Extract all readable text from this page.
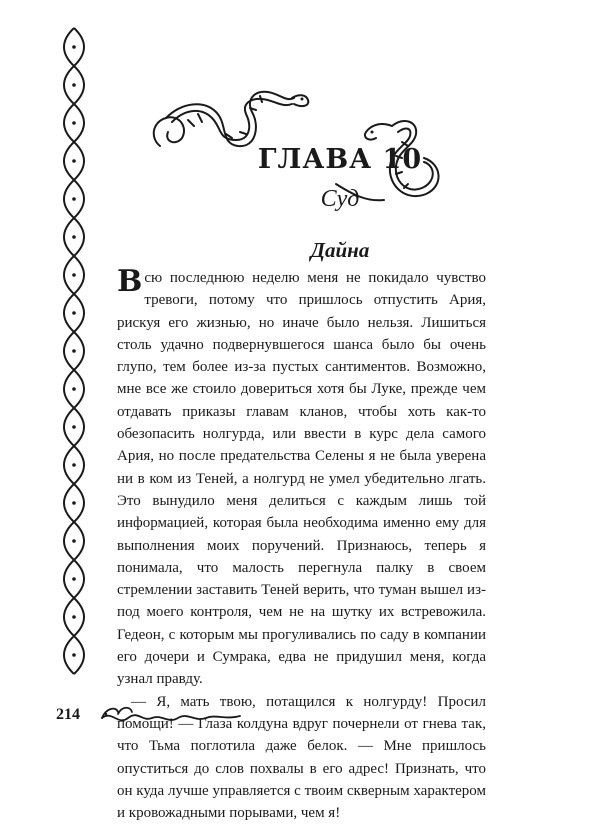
ГЛАВА 10
Суд
Дайна

Всю последнюю неделю меня не покидало чувство тревоги, потому что пришлось отпустить Ария, рискуя его жизнью, но иначе было нельзя. Лишиться столь удачно подвернувшегося шанса было бы очень глупо, тем более из-за пустых сантиментов. Возможно, мне все же стоило довериться хотя бы Луке, прежде чем отдавать приказы главам кланов, чтобы хоть как-то обезопасить нолгурда, или ввести в курс дела самого Ария, но после предательства Селены я не была уверена ни в ком из Теней, а нолгурд не умел убедительно лгать. Это вынудило меня делиться с каждым лишь той информацией, которая была необходима именно ему для выполнения моих поручений. Признаюсь, теперь я понимала, что малость перегнула палку в своем стремлении заставить Теней верить, что туман вышел из-под моего контроля, чем не на шутку их встревожила. Гедеон, с которым мы прогуливались по саду в компании его дочери и Сумрака, едва не придушил меня, когда узнал правду.

— Я, мать твою, потащился к нолгурду! Просил помощи! — Глаза колдуна вдруг почернели от гнева так, что Тьма поглотила даже белок. — Мне пришлось опуститься до слов похвалы в его адрес! Признать, что он куда лучше управляется с твоим скверным характером и кровожадными порывами, чем я!

214
